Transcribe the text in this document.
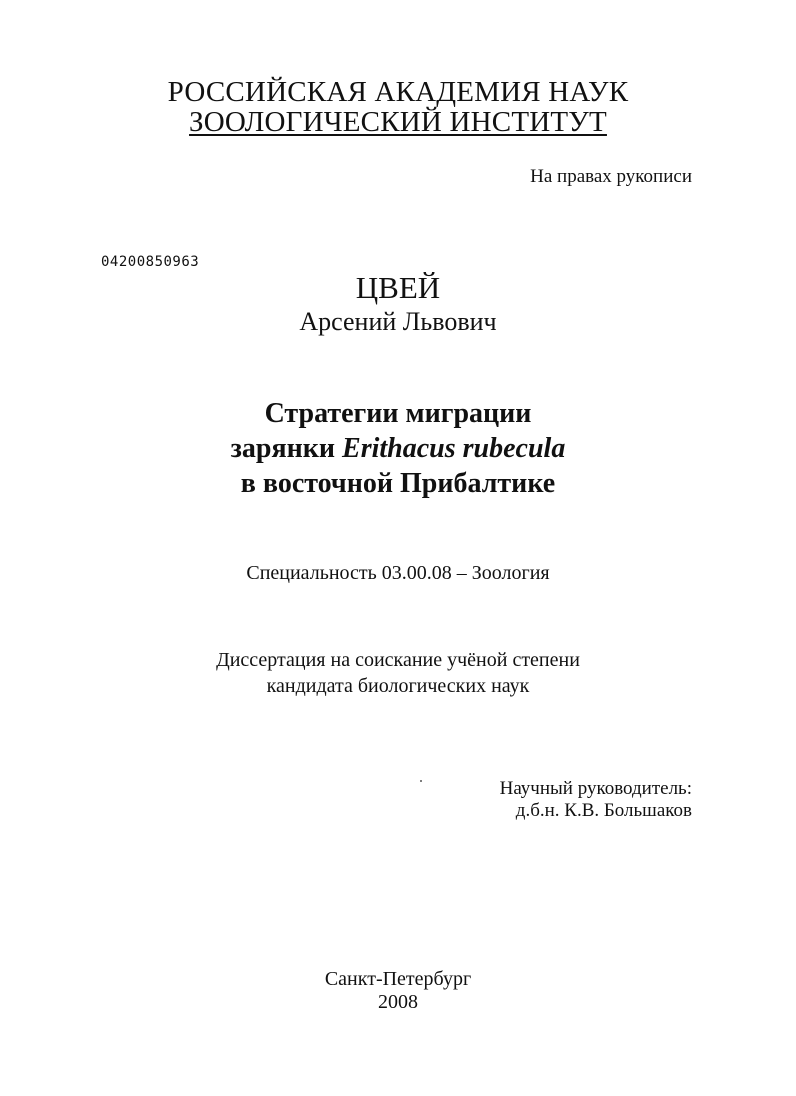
РОССИЙСКАЯ АКАДЕМИЯ НАУК
ЗООЛОГИЧЕСКИЙ ИНСТИТУТ
На правах рукописи
04200850963
ЦВЕЙ
Арсений Львович
Стратегии миграции
зарянки Erithacus rubecula
в восточной Прибалтике
Специальность 03.00.08 – Зоология
Диссертация на соискание учёной степени
кандидата биологических наук
Научный руководитель:
д.б.н. К.В. Большаков
Санкт-Петербург
2008
